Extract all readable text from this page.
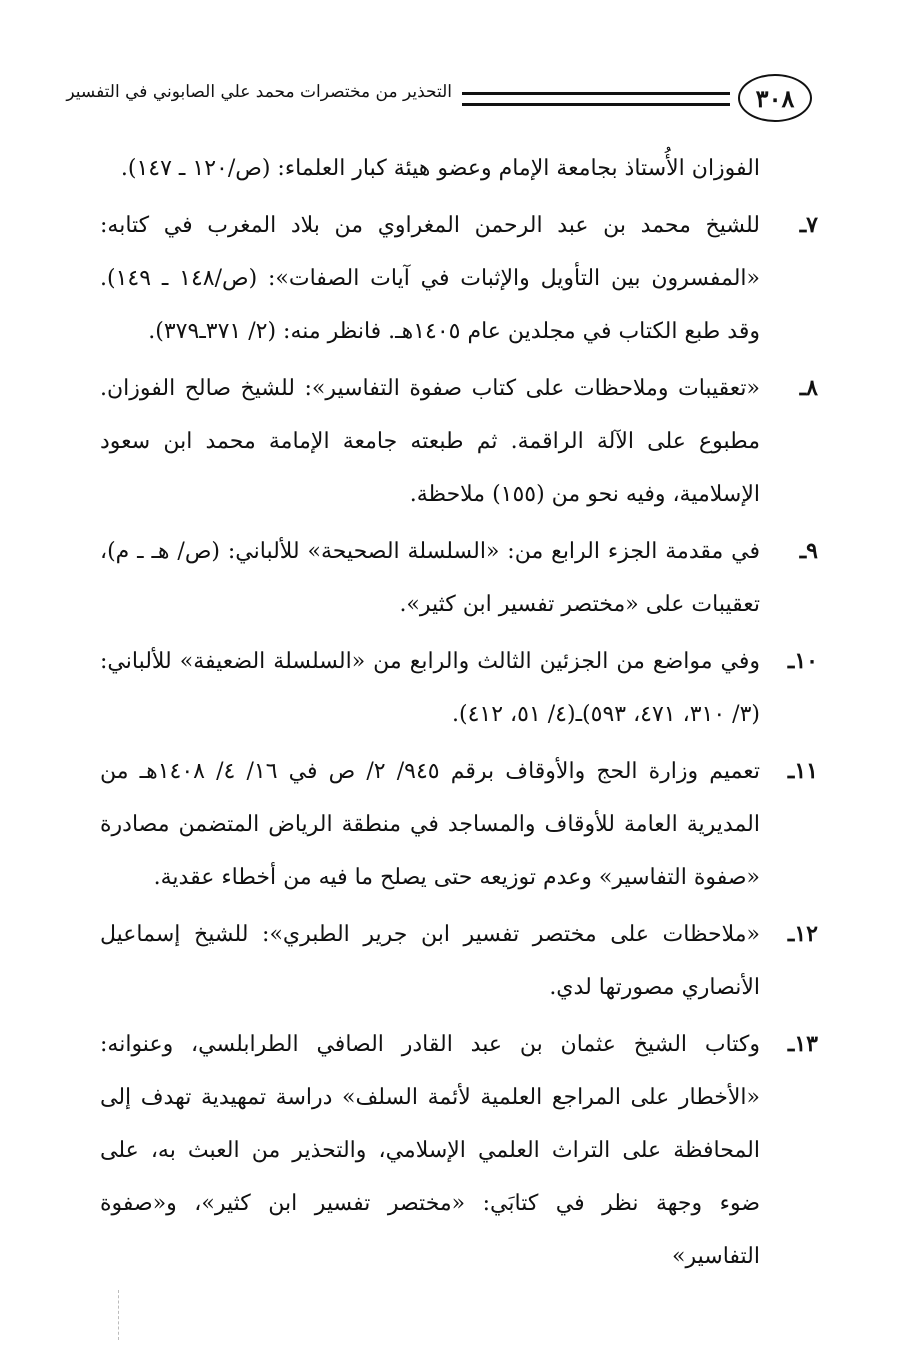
٣٠٨
التحذير من مختصرات محمد علي الصابوني في التفسير

الفوزان الأُستاذ بجامعة الإمام وعضو هيئة كبار العلماء: (ص/١٢٠ ـ ١٤٧).

٧ـ
للشيخ محمد بن عبد الرحمن المغراوي من بلاد المغرب في كتابه: «المفسرون بين التأويل والإثبات في آيات الصفات»: (ص/١٤٨ ـ ١٤٩). وقد طبع الكتاب في مجلدين عام ١٤٠٥هـ. فانظر منه: (٢/ ٣٧١ـ٣٧٩).
٨ـ
«تعقيبات وملاحظات على كتاب صفوة التفاسير»: للشيخ صالح الفوزان. مطبوع على الآلة الراقمة. ثم طبعته جامعة الإمامة محمد ابن سعود الإسلامية، وفيه نحو من (١٥٥) ملاحظة.
٩ـ
في مقدمة الجزء الرابع من: «السلسلة الصحيحة» للألباني: (ص/ هـ ـ م)، تعقيبات على «مختصر تفسير ابن كثير».
١٠ـ
وفي مواضع من الجزئين الثالث والرابع من «السلسلة الضعيفة» للألباني: (٣/ ٣١٠، ٤٧١، ٥٩٣)ـ(٤/ ٥١، ٤١٢).
١١ـ
تعميم وزارة الحج والأوقاف برقم ٩٤٥/ ٢/ ص في ١٦/ ٤/ ١٤٠٨هـ من المديرية العامة للأوقاف والمساجد في منطقة الرياض المتضمن مصادرة «صفوة التفاسير» وعدم توزيعه حتى يصلح ما فيه من أخطاء عقدية.
١٢ـ
«ملاحظات على مختصر تفسير ابن جرير الطبري»: للشيخ إسماعيل الأنصاري مصورتها لدي.
١٣ـ
وكتاب الشيخ عثمان بن عبد القادر الصافي الطرابلسي، وعنوانه: «الأخطار على المراجع العلمية لأئمة السلف» دراسة تمهيدية تهدف إلى المحافظة على التراث العلمي الإسلامي، والتحذير من العبث به، على ضوء وجهة نظر في كتابَي: «مختصر تفسير ابن كثير»، و«صفوة التفاسير»
